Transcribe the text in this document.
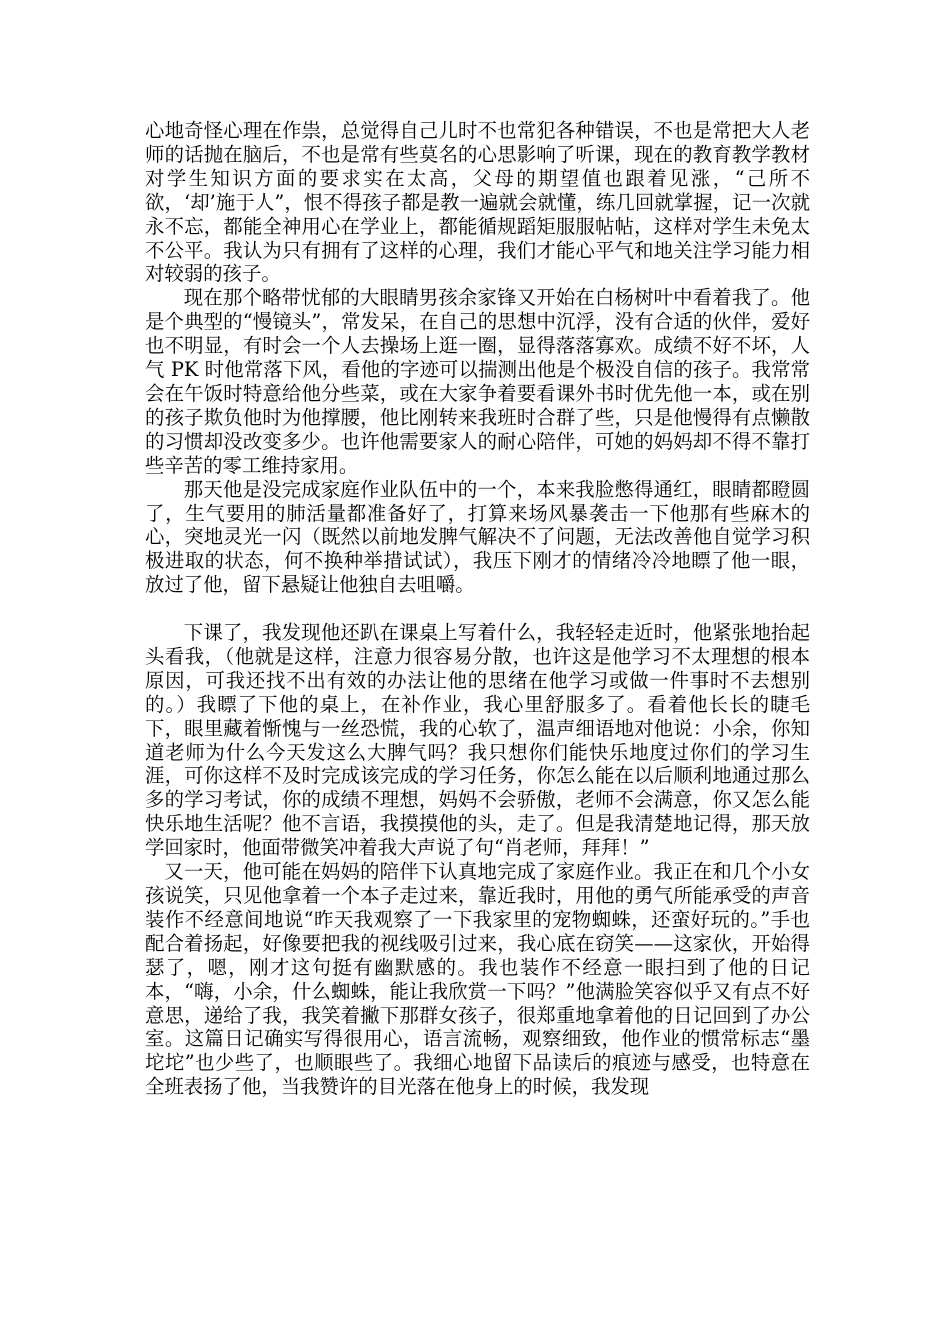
心地奇怪心理在作祟，总觉得自己儿时不也常犯各种错误，不也是常把大人老师的话抛在脑后，不也是常有些莫名的心思影响了听课，现在的教育教学教材对学生知识方面的要求实在太高，父母的期望值也跟着见涨，“己所不欲，‘却’施于人”，恨不得孩子都是教一遍就会就懂，练几回就掌握，记一次就永不忘，都能全神用心在学业上，都能循规蹈矩服服帖帖，这样对学生未免太不公平。我认为只有拥有了这样的心理，我们才能心平气和地关注学习能力相对较弱的孩子。

现在那个略带忧郁的大眼睛男孩余家锋又开始在白杨树叶中看着我了。他是个典型的“慢镜头”，常发呆，在自己的思想中沉浮，没有合适的伙伴，爱好也不明显，有时会一个人去操场上逛一圈，显得落落寡欢。成绩不好不坏，人气 PK 时他常落下风，看他的字迹可以揣测出他是个极没自信的孩子。我常常会在午饭时特意给他分些菜，或在大家争着要看课外书时优先他一本，或在别的孩子欺负他时为他撑腰，他比刚转来我班时合群了些，只是他慢得有点懒散的习惯却没改变多少。也许他需要家人的耐心陪伴，可她的妈妈却不得不靠打些辛苦的零工维持家用。

那天他是没完成家庭作业队伍中的一个，本来我脸憋得通红，眼睛都瞪圆了，生气要用的肺活量都准备好了，打算来场风暴袭击一下他那有些麻木的心，突地灵光一闪（既然以前地发脾气解决不了问题，无法改善他自觉学习积极进取的状态，何不换种举措试试），我压下刚才的情绪冷冷地瞟了他一眼，放过了他，留下悬疑让他独自去咀嚼。

下课了，我发现他还趴在课桌上写着什么，我轻轻走近时，他紧张地抬起头看我，（他就是这样，注意力很容易分散，也许这是他学习不太理想的根本原因，可我还找不出有效的办法让他的思绪在他学习或做一件事时不去想别的。）我瞟了下他的桌上，在补作业，我心里舒服多了。看着他长长的睫毛下，眼里藏着惭愧与一丝恐慌，我的心软了，温声细语地对他说：小余，你知道老师为什么今天发这么大脾气吗？我只想你们能快乐地度过你们的学习生涯，可你这样不及时完成该完成的学习任务，你怎么能在以后顺利地通过那么多的学习考试，你的成绩不理想，妈妈不会骄傲，老师不会满意，你又怎么能快乐地生活呢？他不言语，我摸摸他的头，走了。但是我清楚地记得，那天放学回家时，他面带微笑冲着我大声说了句“肖老师，拜拜！”

又一天，他可能在妈妈的陪伴下认真地完成了家庭作业。我正在和几个小女孩说笑，只见他拿着一个本子走过来，靠近我时，用他的勇气所能承受的声音装作不经意间地说“昨天我观察了一下我家里的宠物蜘蛛，还蛮好玩的。”手也配合着扬起，好像要把我的视线吸引过来，我心底在窃笑——这家伙，开始得瑟了，嗯，刚才这句挺有幽默感的。我也装作不经意一眼扫到了他的日记本，“嗨，小余，什么蜘蛛，能让我欣赏一下吗？”他满脸笑容似乎又有点不好意思，递给了我，我笑着撇下那群女孩子，很郑重地拿着他的日记回到了办公室。这篇日记确实写得很用心，语言流畅，观察细致，他作业的惯常标志“墨坨坨”也少些了，也顺眼些了。我细心地留下品读后的痕迹与感受，也特意在全班表扬了他，当我赞许的目光落在他身上的时候，我发现
